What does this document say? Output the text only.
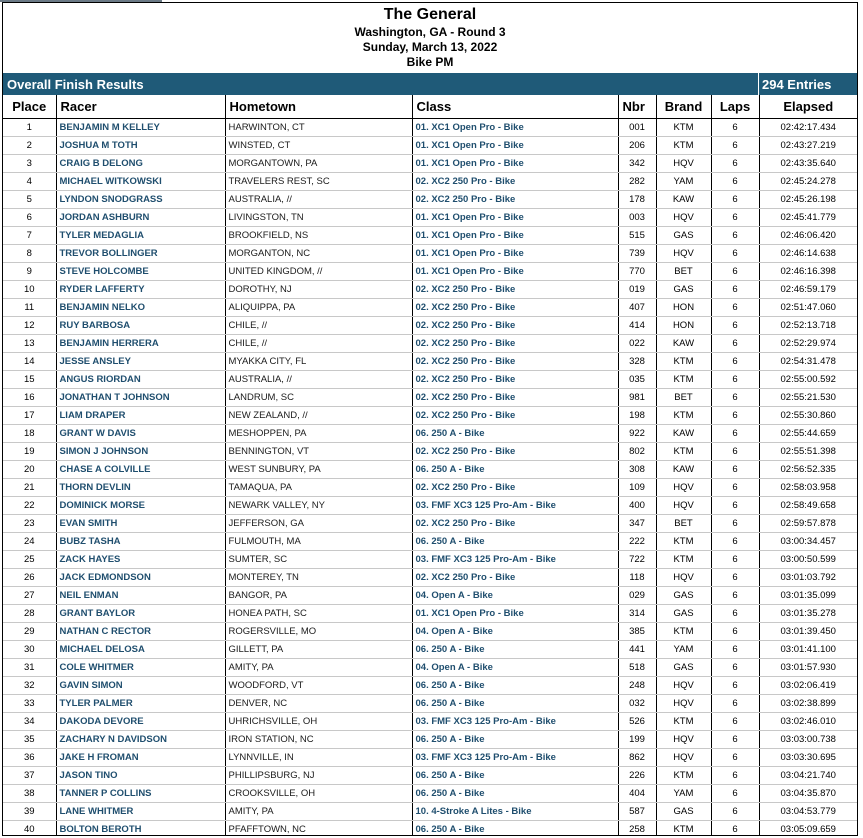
The General
Washington, GA - Round 3
Sunday, March 13, 2022
Bike PM
Overall Finish Results	294 Entries
Place	Racer	Hometown	Class	Nbr	Brand	Laps	Elapsed
1	BENJAMIN M KELLEY	HARWINTON, CT	01. XC1 Open Pro - Bike	001	KTM	6	02:42:17.434
2	JOSHUA M TOTH	WINSTED, CT	01. XC1 Open Pro - Bike	206	KTM	6	02:43:27.219
3	CRAIG B DELONG	MORGANTOWN, PA	01. XC1 Open Pro - Bike	342	HQV	6	02:43:35.640
4	MICHAEL WITKOWSKI	TRAVELERS REST, SC	02. XC2 250 Pro - Bike	282	YAM	6	02:45:24.278
5	LYNDON SNODGRASS	AUSTRALIA, //	02. XC2 250 Pro - Bike	178	KAW	6	02:45:26.198
6	JORDAN ASHBURN	LIVINGSTON, TN	01. XC1 Open Pro - Bike	003	HQV	6	02:45:41.779
7	TYLER MEDAGLIA	BROOKFIELD, NS	01. XC1 Open Pro - Bike	515	GAS	6	02:46:06.420
8	TREVOR BOLLINGER	MORGANTON, NC	01. XC1 Open Pro - Bike	739	HQV	6	02:46:14.638
9	STEVE HOLCOMBE	UNITED KINGDOM, //	01. XC1 Open Pro - Bike	770	BET	6	02:46:16.398
10	RYDER LAFFERTY	DOROTHY, NJ	02. XC2 250 Pro - Bike	019	GAS	6	02:46:59.179
11	BENJAMIN NELKO	ALIQUIPPA, PA	02. XC2 250 Pro - Bike	407	HON	6	02:51:47.060
12	RUY BARBOSA	CHILE, //	02. XC2 250 Pro - Bike	414	HON	6	02:52:13.718
13	BENJAMIN HERRERA	CHILE, //	02. XC2 250 Pro - Bike	022	KAW	6	02:52:29.974
14	JESSE ANSLEY	MYAKKA CITY, FL	02. XC2 250 Pro - Bike	328	KTM	6	02:54:31.478
15	ANGUS RIORDAN	AUSTRALIA, //	02. XC2 250 Pro - Bike	035	KTM	6	02:55:00.592
16	JONATHAN T JOHNSON	LANDRUM, SC	02. XC2 250 Pro - Bike	981	BET	6	02:55:21.530
17	LIAM DRAPER	NEW ZEALAND, //	02. XC2 250 Pro - Bike	198	KTM	6	02:55:30.860
18	GRANT W DAVIS	MESHOPPEN, PA	06. 250 A - Bike	922	KAW	6	02:55:44.659
19	SIMON J JOHNSON	BENNINGTON, VT	02. XC2 250 Pro - Bike	802	KTM	6	02:55:51.398
20	CHASE A COLVILLE	WEST SUNBURY, PA	06. 250 A - Bike	308	KAW	6	02:56:52.335
21	THORN DEVLIN	TAMAQUA, PA	02. XC2 250 Pro - Bike	109	HQV	6	02:58:03.958
22	DOMINICK MORSE	NEWARK VALLEY, NY	03. FMF XC3 125 Pro-Am - Bike	400	HQV	6	02:58:49.658
23	EVAN SMITH	JEFFERSON, GA	02. XC2 250 Pro - Bike	347	BET	6	02:59:57.878
24	BUBZ TASHA	FULMOUTH, MA	06. 250 A - Bike	222	KTM	6	03:00:34.457
25	ZACK HAYES	SUMTER, SC	03. FMF XC3 125 Pro-Am - Bike	722	KTM	6	03:00:50.599
26	JACK EDMONDSON	MONTEREY, TN	02. XC2 250 Pro - Bike	118	HQV	6	03:01:03.792
27	NEIL ENMAN	BANGOR, PA	04. Open A - Bike	029	GAS	6	03:01:35.099
28	GRANT BAYLOR	HONEA PATH, SC	01. XC1 Open Pro - Bike	314	GAS	6	03:01:35.278
29	NATHAN C RECTOR	ROGERSVILLE, MO	04. Open A - Bike	385	KTM	6	03:01:39.450
30	MICHAEL DELOSA	GILLETT, PA	06. 250 A - Bike	441	YAM	6	03:01:41.100
31	COLE WHITMER	AMITY, PA	04. Open A - Bike	518	GAS	6	03:01:57.930
32	GAVIN SIMON	WOODFORD, VT	06. 250 A - Bike	248	HQV	6	03:02:06.419
33	TYLER PALMER	DENVER, NC	06. 250 A - Bike	032	HQV	6	03:02:38.899
34	DAKODA DEVORE	UHRICHSVILLE, OH	03. FMF XC3 125 Pro-Am - Bike	526	KTM	6	03:02:46.010
35	ZACHARY N DAVIDSON	IRON STATION, NC	06. 250 A - Bike	199	HQV	6	03:03:00.738
36	JAKE H FROMAN	LYNNVILLE, IN	03. FMF XC3 125 Pro-Am - Bike	862	HQV	6	03:03:30.695
37	JASON TINO	PHILLIPSBURG, NJ	06. 250 A - Bike	226	KTM	6	03:04:21.740
38	TANNER P COLLINS	CROOKSVILLE, OH	06. 250 A - Bike	404	YAM	6	03:04:35.870
39	LANE WHITMER	AMITY, PA	10. 4-Stroke A Lites - Bike	587	GAS	6	03:04:53.779
40	BOLTON BEROTH	PFAFFTOWN, NC	06. 250 A - Bike	258	KTM	6	03:05:09.659
